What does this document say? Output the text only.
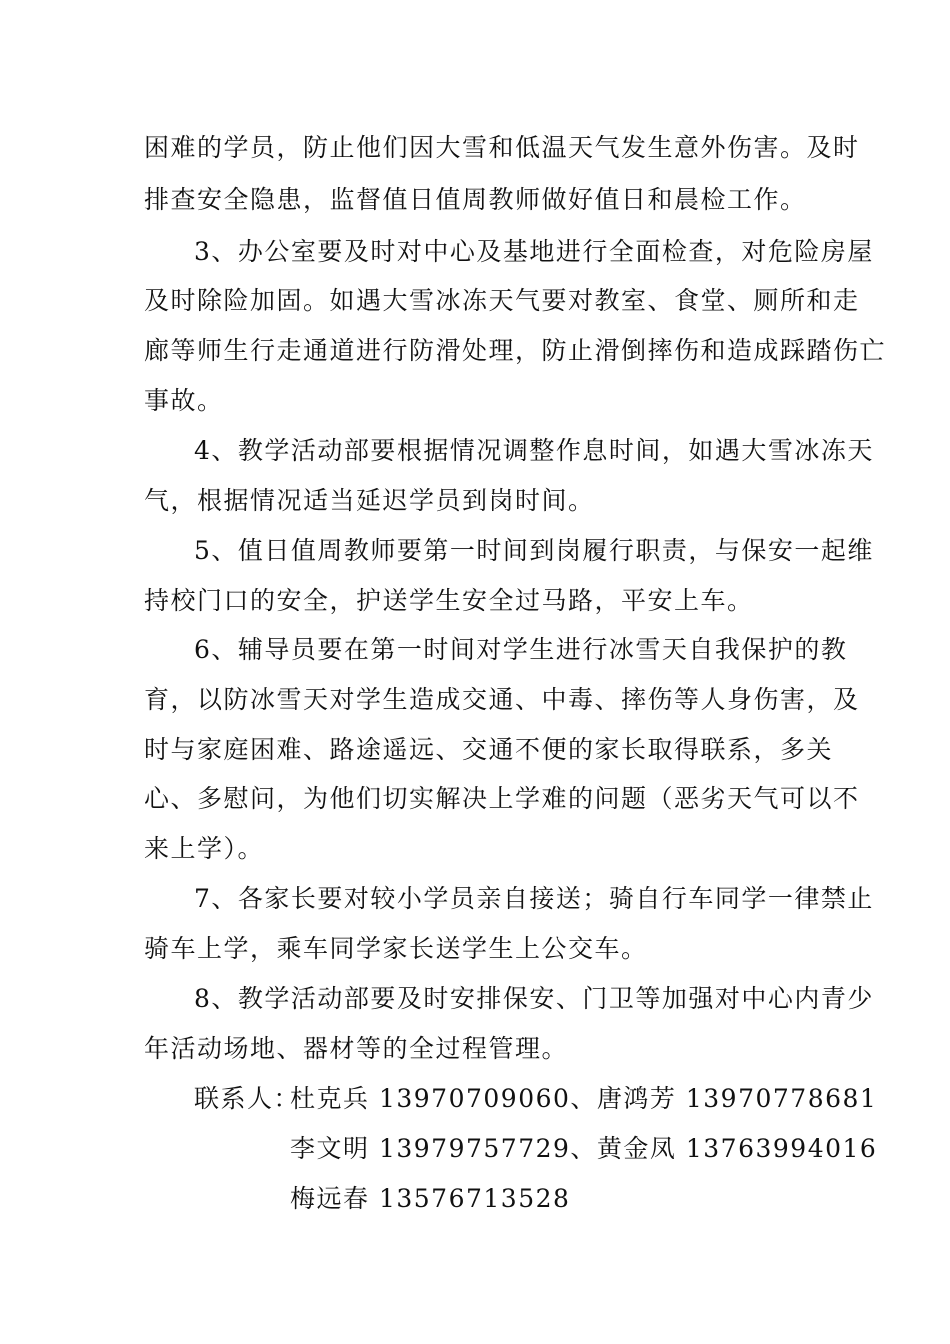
困难的学员，防止他们因大雪和低温天气发生意外伤害。及时
排查安全隐患，监督值日值周教师做好值日和晨检工作。
3、办公室要及时对中心及基地进行全面检查，对危险房屋
及时除险加固。如遇大雪冰冻天气要对教室、食堂、厕所和走
廊等师生行走通道进行防滑处理，防止滑倒摔伤和造成踩踏伤亡
事故。
4、教学活动部要根据情况调整作息时间，如遇大雪冰冻天
气，根据情况适当延迟学员到岗时间。
5、值日值周教师要第一时间到岗履行职责，与保安一起维
持校门口的安全，护送学生安全过马路，平安上车。
6、辅导员要在第一时间对学生进行冰雪天自我保护的教
育，以防冰雪天对学生造成交通、中毒、摔伤等人身伤害，及
时与家庭困难、路途遥远、交通不便的家长取得联系，多关
心、多慰问，为他们切实解决上学难的问题（恶劣天气可以不
来上学）。
7、各家长要对较小学员亲自接送；骑自行车同学一律禁止
骑车上学，乘车同学家长送学生上公交车。
8、教学活动部要及时安排保安、门卫等加强对中心内青少
年活动场地、器材等的全过程管理。
联系人：
杜克兵 13970709060、唐鸿芳 13970778681
李文明 13979757729、黄金凤 13763994016
梅远春 13576713528
